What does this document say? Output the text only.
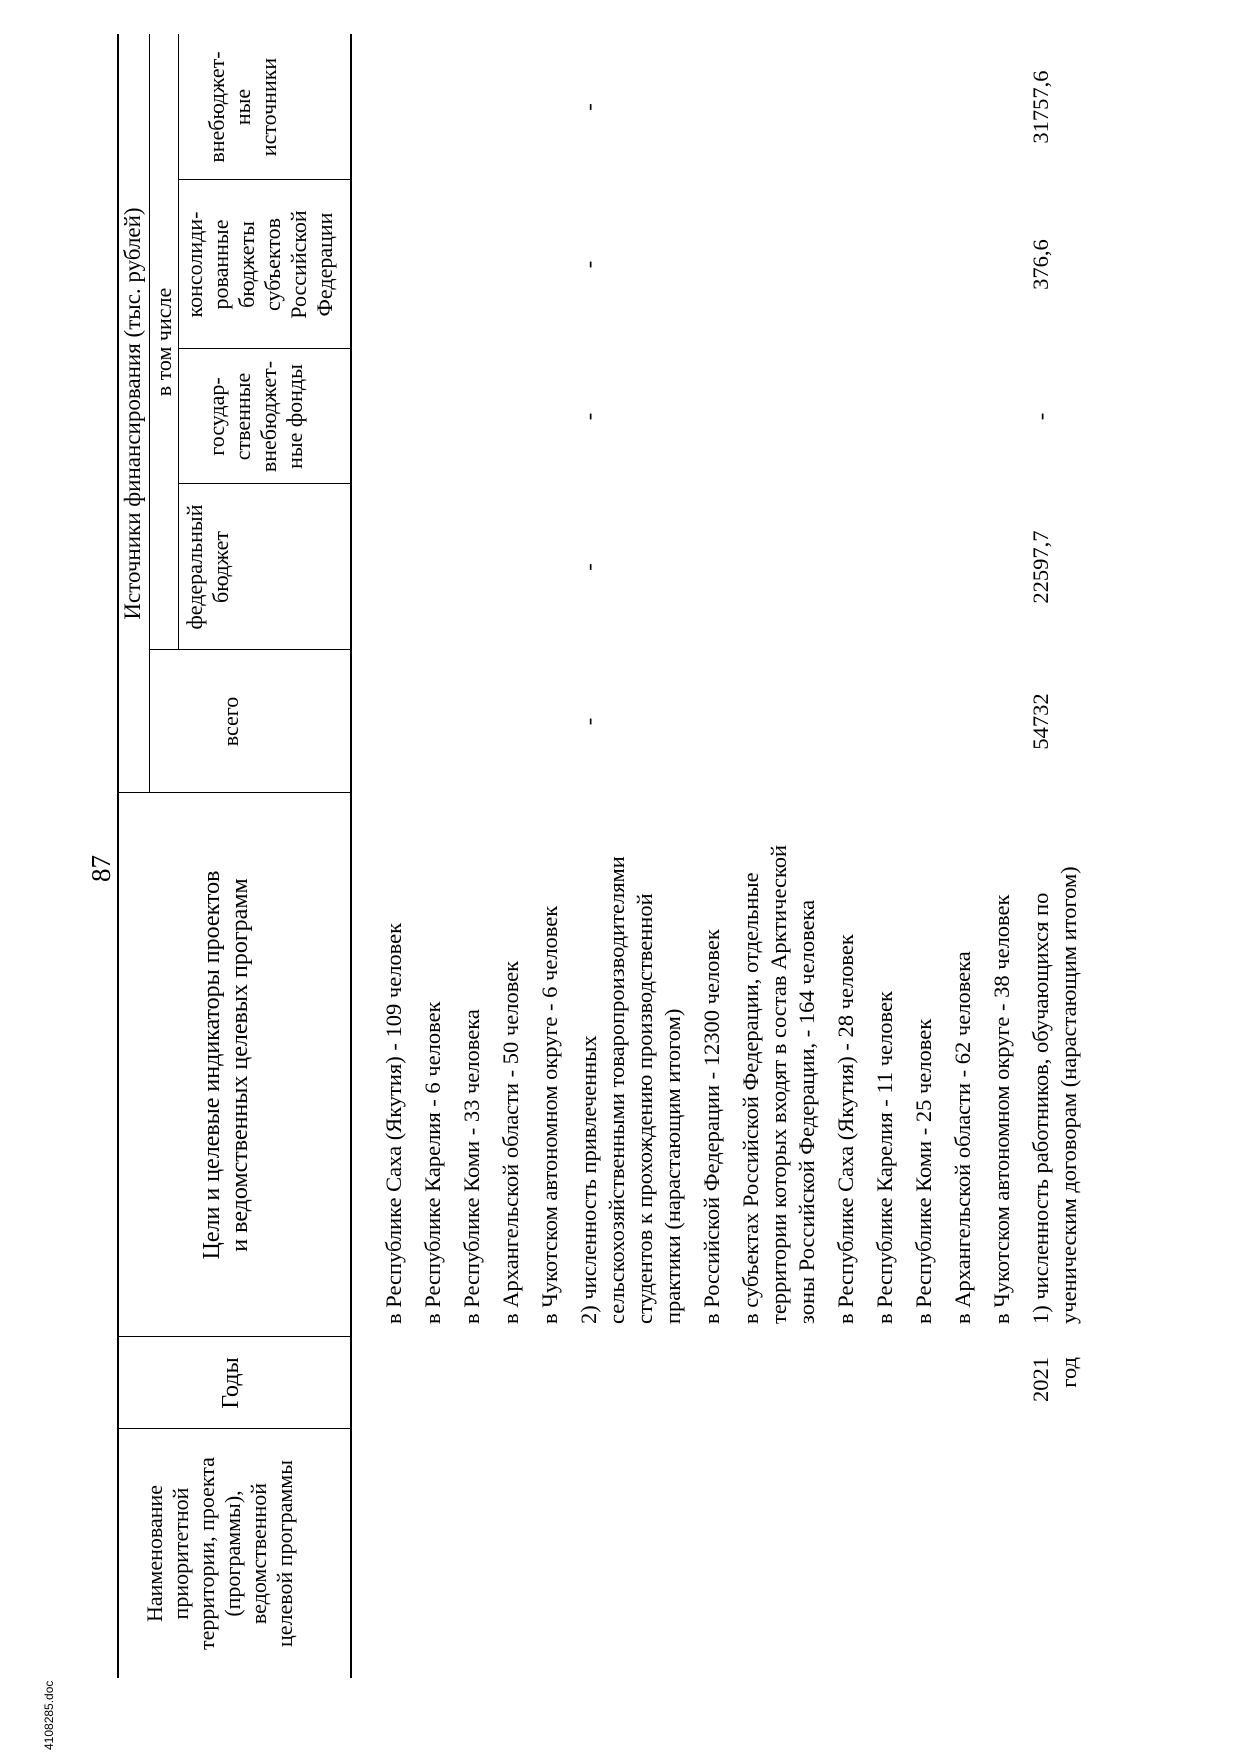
4108285.doc
87
Наименование
приоритетной
территории, проекта
(программы),
ведомственной
целевой программы
Годы
Цели и целевые индикаторы проектов
и ведомственных целевых программ
Источники финансирования (тыс. рублей)
всего
в том числе
федеральный
бюджет
государ-
ственные
внебюджет-
ные фонды
консолиди-
рованные
бюджеты
субъектов
Российской
Федерации
внебюджет-
ные
источники
в Республике Саха (Якутия) - 109 человек в Республике Карелия - 6 человек в Республике Коми - 33 человека в Архангельской области - 50 человек в Чукотском автономном округе - 6 человек 2) численность привлеченных
сельскохозяйственными товаропроизводителями
студентов к прохождению производственной
практики (нарастающим итогом)
-
-
-
-
-
в Российской Федерации - 12300 человек в субъектах Российской Федерации, отдельные
территории которых входят в состав Арктической
зоны Российской Федерации, - 164 человека в Республике Саха (Якутия) - 28 человек в Республике Карелия - 11 человек в Республике Коми - 25 человек в Архангельской области - 62 человека в Чукотском автономном округе - 38 человек
2021
год
1) численность работников, обучающихся по
ученическим договорам (нарастающим итогом)
54732
22597,7
-
376,6
31757,6
